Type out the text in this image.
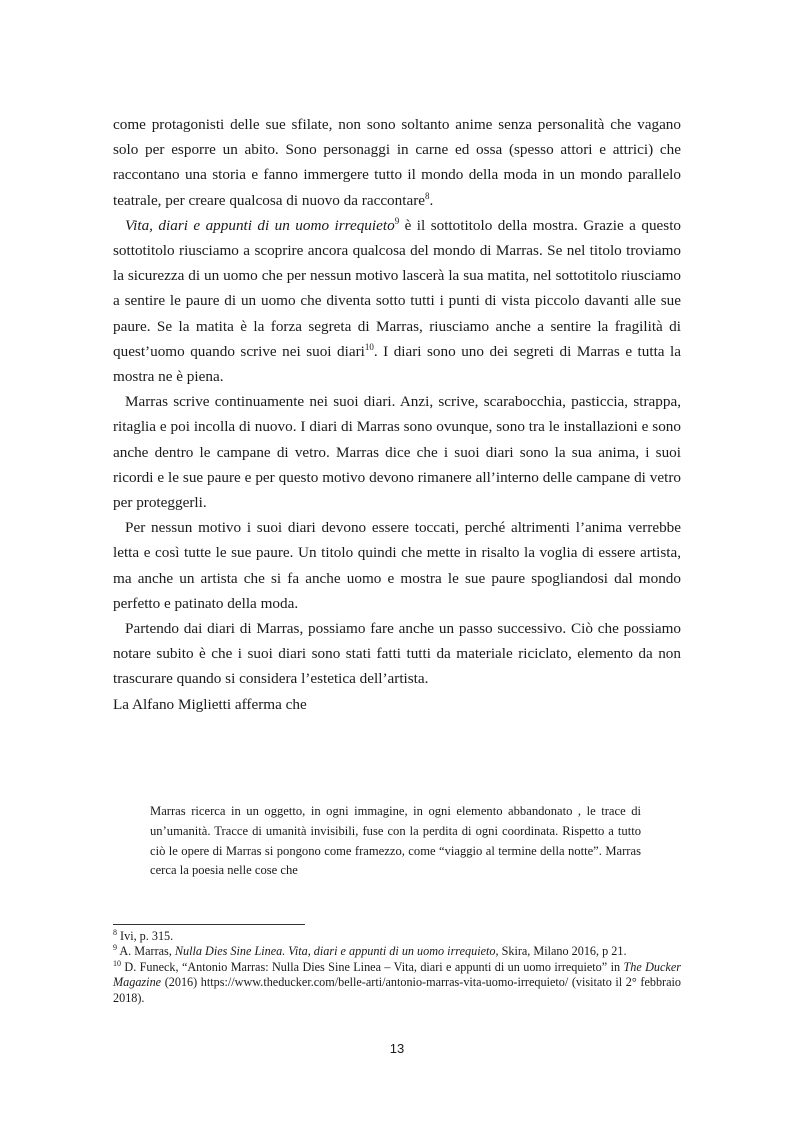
come protagonisti delle sue sfilate, non sono soltanto anime senza personalità che vagano solo per esporre un abito. Sono personaggi in carne ed ossa (spesso attori e attrici) che raccontano una storia e fanno immergere tutto il mondo della moda in un mondo parallelo teatrale, per creare qualcosa di nuovo da raccontare$^8$.

Vita, diari e appunti di un uomo irrequieto$^9$ è il sottotitolo della mostra. Grazie a questo sottotitolo riusciamo a scoprire ancora qualcosa del mondo di Marras. Se nel titolo troviamo la sicurezza di un uomo che per nessun motivo lascerà la sua matita, nel sottotitolo riusciamo a sentire le paure di un uomo che diventa sotto tutti i punti di vista piccolo davanti alle sue paure. Se la matita è la forza segreta di Marras, riusciamo anche a sentire la fragilità di quest’uomo quando scrive nei suoi diari$^{10}$. I diari sono uno dei segreti di Marras e tutta la mostra ne è piena.

Marras scrive continuamente nei suoi diari. Anzi, scrive, scarabocchia, pasticcia, strappa, ritaglia e poi incolla di nuovo. I diari di Marras sono ovunque, sono tra le installazioni e sono anche dentro le campane di vetro. Marras dice che i suoi diari sono la sua anima, i suoi ricordi e le sue paure e per questo motivo devono rimanere all’interno delle campane di vetro per proteggerli.

Per nessun motivo i suoi diari devono essere toccati, perché altrimenti l’anima verrebbe letta e così tutte le sue paure. Un titolo quindi che mette in risalto la voglia di essere artista, ma anche un artista che si fa anche uomo e mostra le sue paure spogliandosi dal mondo perfetto e patinato della moda.

Partendo dai diari di Marras, possiamo fare anche un passo successivo. Ciò che possiamo notare subito è che i suoi diari sono stati fatti tutti da materiale riciclato, elemento da non trascurare quando si considera l’estetica dell’artista.

La Alfano Miglietti afferma che

Marras ricerca in un oggetto, in ogni immagine, in ogni elemento abbandonato , le trace di un’umanità. Tracce di umanità invisibili, fuse con la perdita di ogni coordinata. Rispetto a tutto ciò le opere di Marras si pongono come framezzo, come “viaggio al termine della notte”. Marras cerca la poesia nelle cose che

$^8$ Ivi, p. 315.

$^9$ A. Marras, Nulla Dies Sine Linea. Vita, diari e appunti di un uomo irrequieto, Skira, Milano 2016, p 21.

$^{10}$ D. Funeck, “Antonio Marras: Nulla Dies Sine Linea – Vita, diari e appunti di un uomo irrequieto” in The Ducker Magazine (2016) https://www.theducker.com/belle-arti/antonio-marras-vita-uomo-irrequieto/ (visitato il 2° febbraio 2018).

13
